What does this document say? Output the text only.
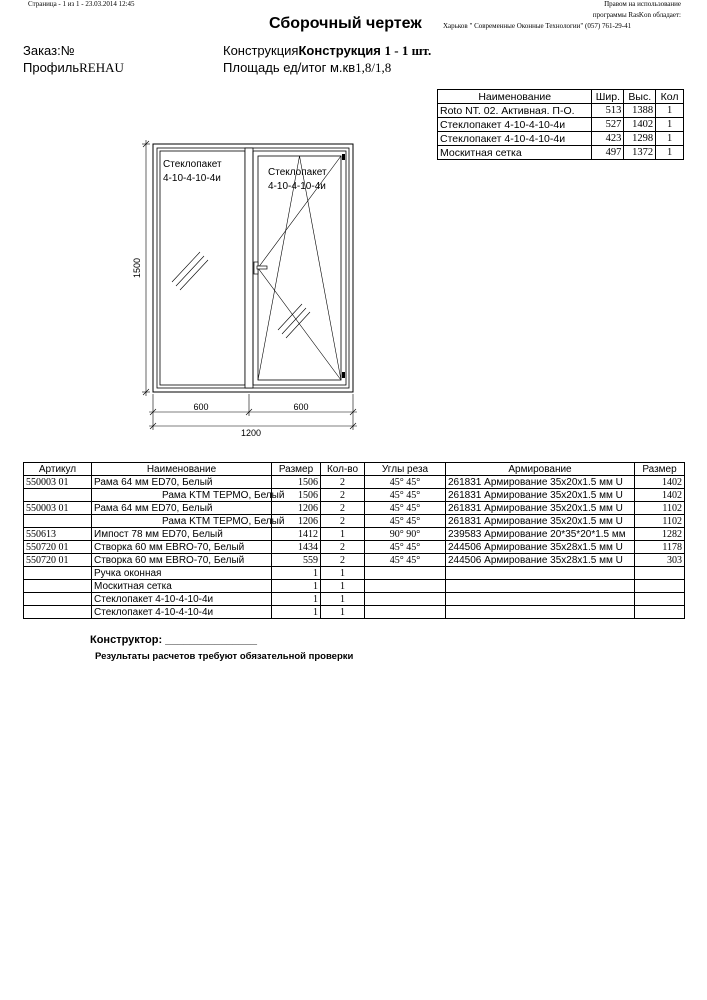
Страница - 1 из 1 - 23.03.2014 12:45	Правом на использование
программы RasKon обладает:
Харьков " Современные Оконные Технологии" (057) 761-29-41
Сборочный чертеж
Заказ:№
ПрофильREHAU
КонструкцияКонструкция 1 - 1 шт.
Площадь ед/итог м.кв1,8/1,8
Наименование	Шир.	Выс.	Кол
Roto NT. 02. Активная. П-О.	513	1388	1
Стеклопакет 4-10-4-10-4и	527	1402	1
Стеклопакет 4-10-4-10-4и	423	1298	1
Москитная сетка	497	1372	1
Стеклопакет
4-10-4-10-4и
Стеклопакет
4-10-4-10-4и
1500
600	600
1200
Артикул	Наименование	Размер	Кол-во	Углы реза	Армирование	Размер
550003 01	Рама 64 мм ED70, Белый	1506	2	45° 45°	261831 Армирование 35х20х1.5 мм U	1402
	Рама KTM ТЕРМО, Белый	1506	2	45° 45°	261831 Армирование 35х20х1.5 мм U	1402
550003 01	Рама 64 мм ED70, Белый	1206	2	45° 45°	261831 Армирование 35х20х1.5 мм U	1102
	Рама KTM ТЕРМО, Белый	1206	2	45° 45°	261831 Армирование 35х20х1.5 мм U	1102
550613	Импост 78 мм ED70, Белый	1412	1	90° 90°	239583 Армирование 20*35*20*1.5 мм	1282
550720 01	Створка 60 мм EBRO-70, Белый	1434	2	45° 45°	244506 Армирование 35х28х1.5 мм U	1178
550720 01	Створка 60 мм EBRO-70, Белый	559	2	45° 45°	244506 Армирование 35х28х1.5 мм U	303
	Ручка оконная	1	1			
	Москитная сетка	1	1			
	Стеклопакет 4-10-4-10-4и	1	1			
	Стеклопакет 4-10-4-10-4и	1	1			
Конструктор: _______________
Результаты расчетов требуют обязательной проверки
